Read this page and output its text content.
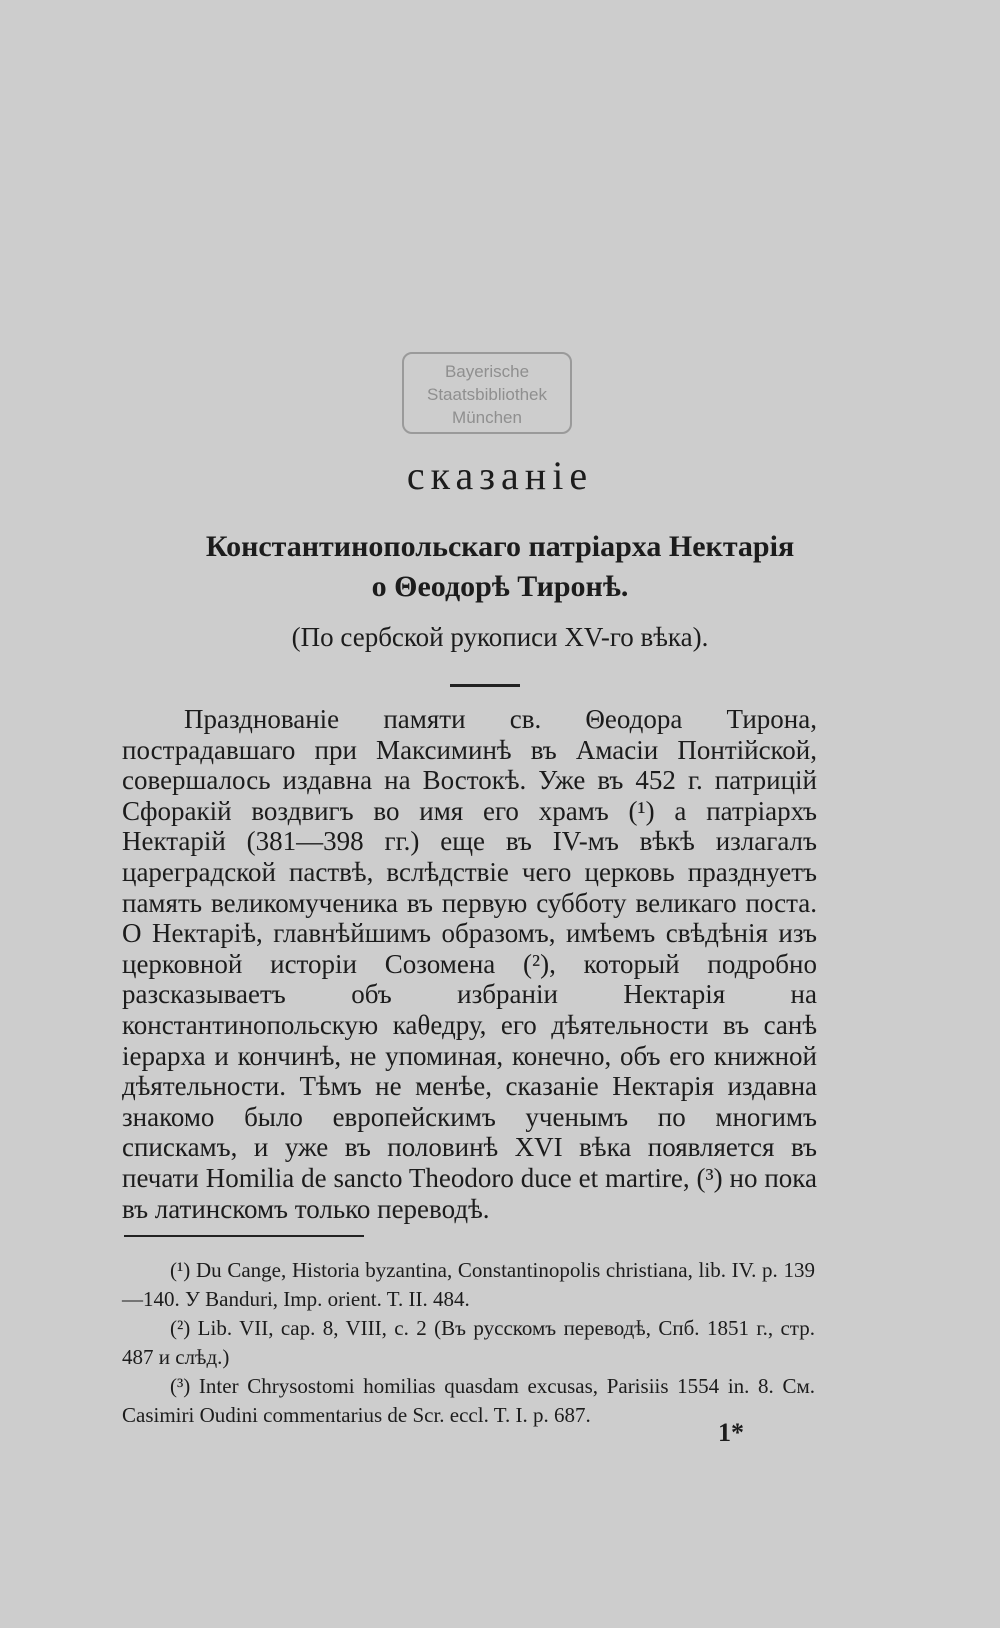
Bayerische
Staatsbibliothek
München
сказанiе
Константинопольскаго патрiарха Нектарiя
о Θеодорѣ Тиронѣ.
(По сербской рукописи XV-го вѣка).

Празднованiе памяти св. Θеодора Тирона, пострадавшаго при Максиминѣ въ Амасiи Понтiйской, совершалось издавна на Востокѣ. Уже въ 452 г. патрицiй Сфоракiй воздвигъ во имя его храмъ (¹) а патрiархъ Нектарiй (381—398 гг.) еще въ IV-мъ вѣкѣ излагалъ цареградской паствѣ, вслѣдствiе чего церковь празднуетъ память великомученика въ первую субботу великаго поста. О Нектарiѣ, главнѣйшимъ образомъ, имѣемъ свѣдѣнiя изъ церковной исторiи Созомена (²), который подробно разсказываетъ объ избранiи Нектарiя на константинопольскую каθедру, его дѣятельности въ санѣ iерарха и кончинѣ, не упоминая, конечно, объ его книжной дѣятельности. Тѣмъ не менѣе, сказанiе Нектарiя издавна знакомо было европейскимъ ученымъ по многимъ спискамъ, и уже въ половинѣ XVI вѣка появляется въ печати Homilia de sancto Theodoro duce et martire, (³) но пока въ латинскомъ только переводѣ.

(¹) Du Cange, Historia byzantina, Constantinopolis christiana, lib. IV. p. 139—140. У Bandurі, Imp. orient. T. II. 484.

(²) Lib. VII, cap. 8, VIII, c. 2 (Въ русскомъ переводѣ, Спб. 1851 г., стр. 487 и слѣд.)

(³) Inter Chrysostomi homilias quasdam excusas, Parisiis 1554 in. 8. См. Casimiri Oudini commentarius de Scr. eccl. T. I. p. 687.

1*
